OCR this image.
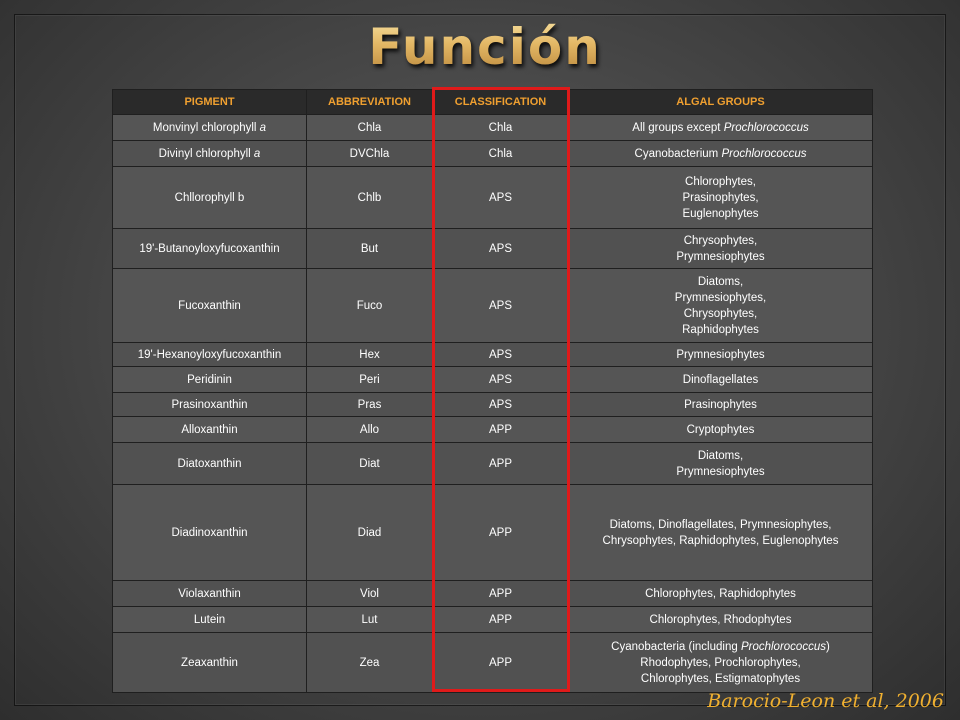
Función
PIGMENT	ABBREVIATION	CLASSIFICATION	ALGAL GROUPS
Monvinyl chlorophyll a	Chla	Chla	All groups except Prochlorococcus
Divinyl chlorophyll a	DVChla	Chla	Cyanobacterium Prochlorococcus
Chllorophyll b	Chlb	APS	Chlorophytes,
Prasinophytes,
Euglenophytes
19'-Butanoyloxyfucoxanthin	But	APS	Chrysophytes,
Prymnesiophytes
Fucoxanthin	Fuco	APS	Diatoms,
Prymnesiophytes,
Chrysophytes,
Raphidophytes
19'-Hexanoyloxyfucoxanthin	Hex	APS	Prymnesiophytes
Peridinin	Peri	APS	Dinoflagellates
Prasinoxanthin	Pras	APS	Prasinophytes
Alloxanthin	Allo	APP	Cryptophytes
Diatoxanthin	Diat	APP	Diatoms,
Prymnesiophytes
Diadinoxanthin	Diad	APP	Diatoms, Dinoflagellates, Prymnesiophytes,
Chrysophytes, Raphidophytes, Euglenophytes
Violaxanthin	Viol	APP	Chlorophytes, Raphidophytes
Lutein	Lut	APP	Chlorophytes, Rhodophytes
Zeaxanthin	Zea	APP	Cyanobacteria (including Prochlorococcus)
Rhodophytes, Prochlorophytes,
Chlorophytes, Estigmatophytes

Barocio-Leon et al, 2006
